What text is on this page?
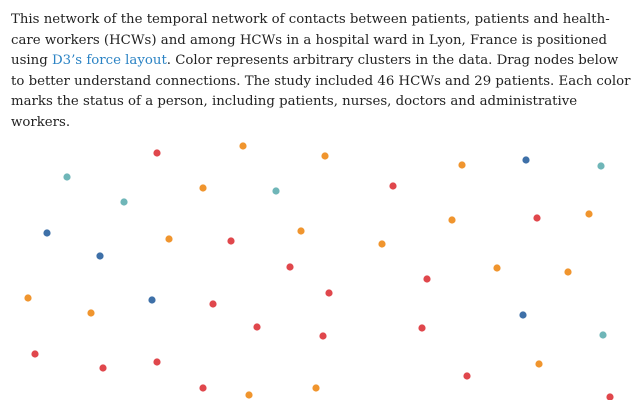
This network of the temporal network of contacts between patients, patients and health-care workers (HCWs) and among HCWs in a hospital ward in Lyon, France is positioned using D3’s force layout. Color represents arbitrary clusters in the data. Drag nodes below to better understand connections. The study included 46 HCWs and 29 patients. Each color marks the status of a person, including patients, nurses, doctors and administrative workers.
